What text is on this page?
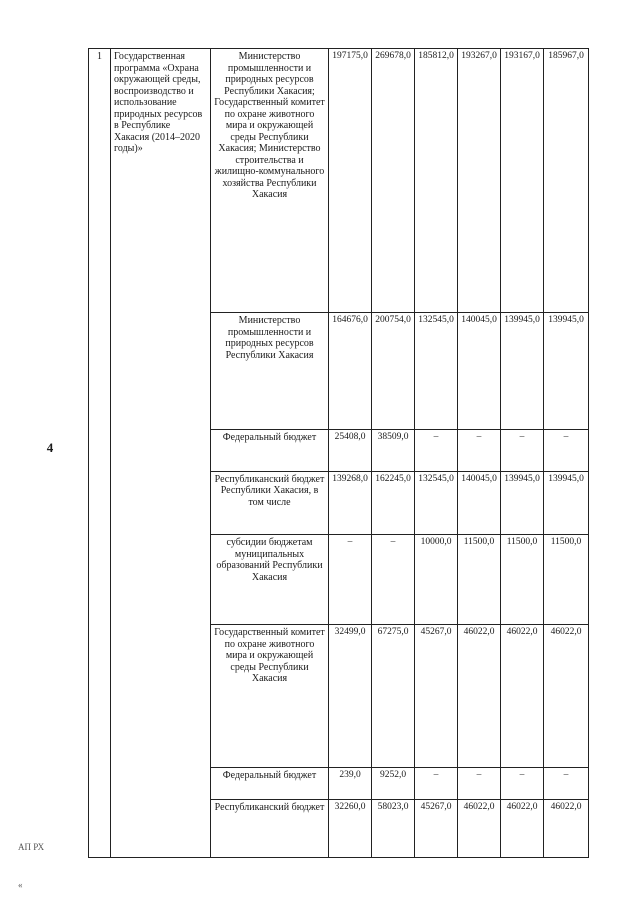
4
АП РХ
«
1	Государственная программа «Охрана окружающей среды, воспроизводство и использование природных ресурсов в Республике Хакасия (2014–2020 годы)»	Министерство промышленности и природных ресурсов Республики Хакасия; Государственный комитет по охране животного мира и окружающей среды Республики Хакасия; Министерство строительства и жилищно-коммунального хозяйства Республики Хакасия	197175,0	269678,0	185812,0	193267,0	193167,0	185967,0
		Министерство промышленности и природных ресурсов Республики Хакасия	164676,0	200754,0	132545,0	140045,0	139945,0	139945,0
		Федеральный бюджет	25408,0	38509,0	–	–	–	–
		Республиканский бюджет Республики Хакасия, в том числе	139268,0	162245,0	132545,0	140045,0	139945,0	139945,0
		субсидии бюджетам муниципальных образований Республики Хакасия	–	–	10000,0	11500,0	11500,0	11500,0
		Государственный комитет по охране животного мира и окружающей среды Республики Хакасия	32499,0	67275,0	45267,0	46022,0	46022,0	46022,0
		Федеральный бюджет	239,0	9252,0	–	–	–	–
		Республиканский бюджет	32260,0	58023,0	45267,0	46022,0	46022,0	46022,0
